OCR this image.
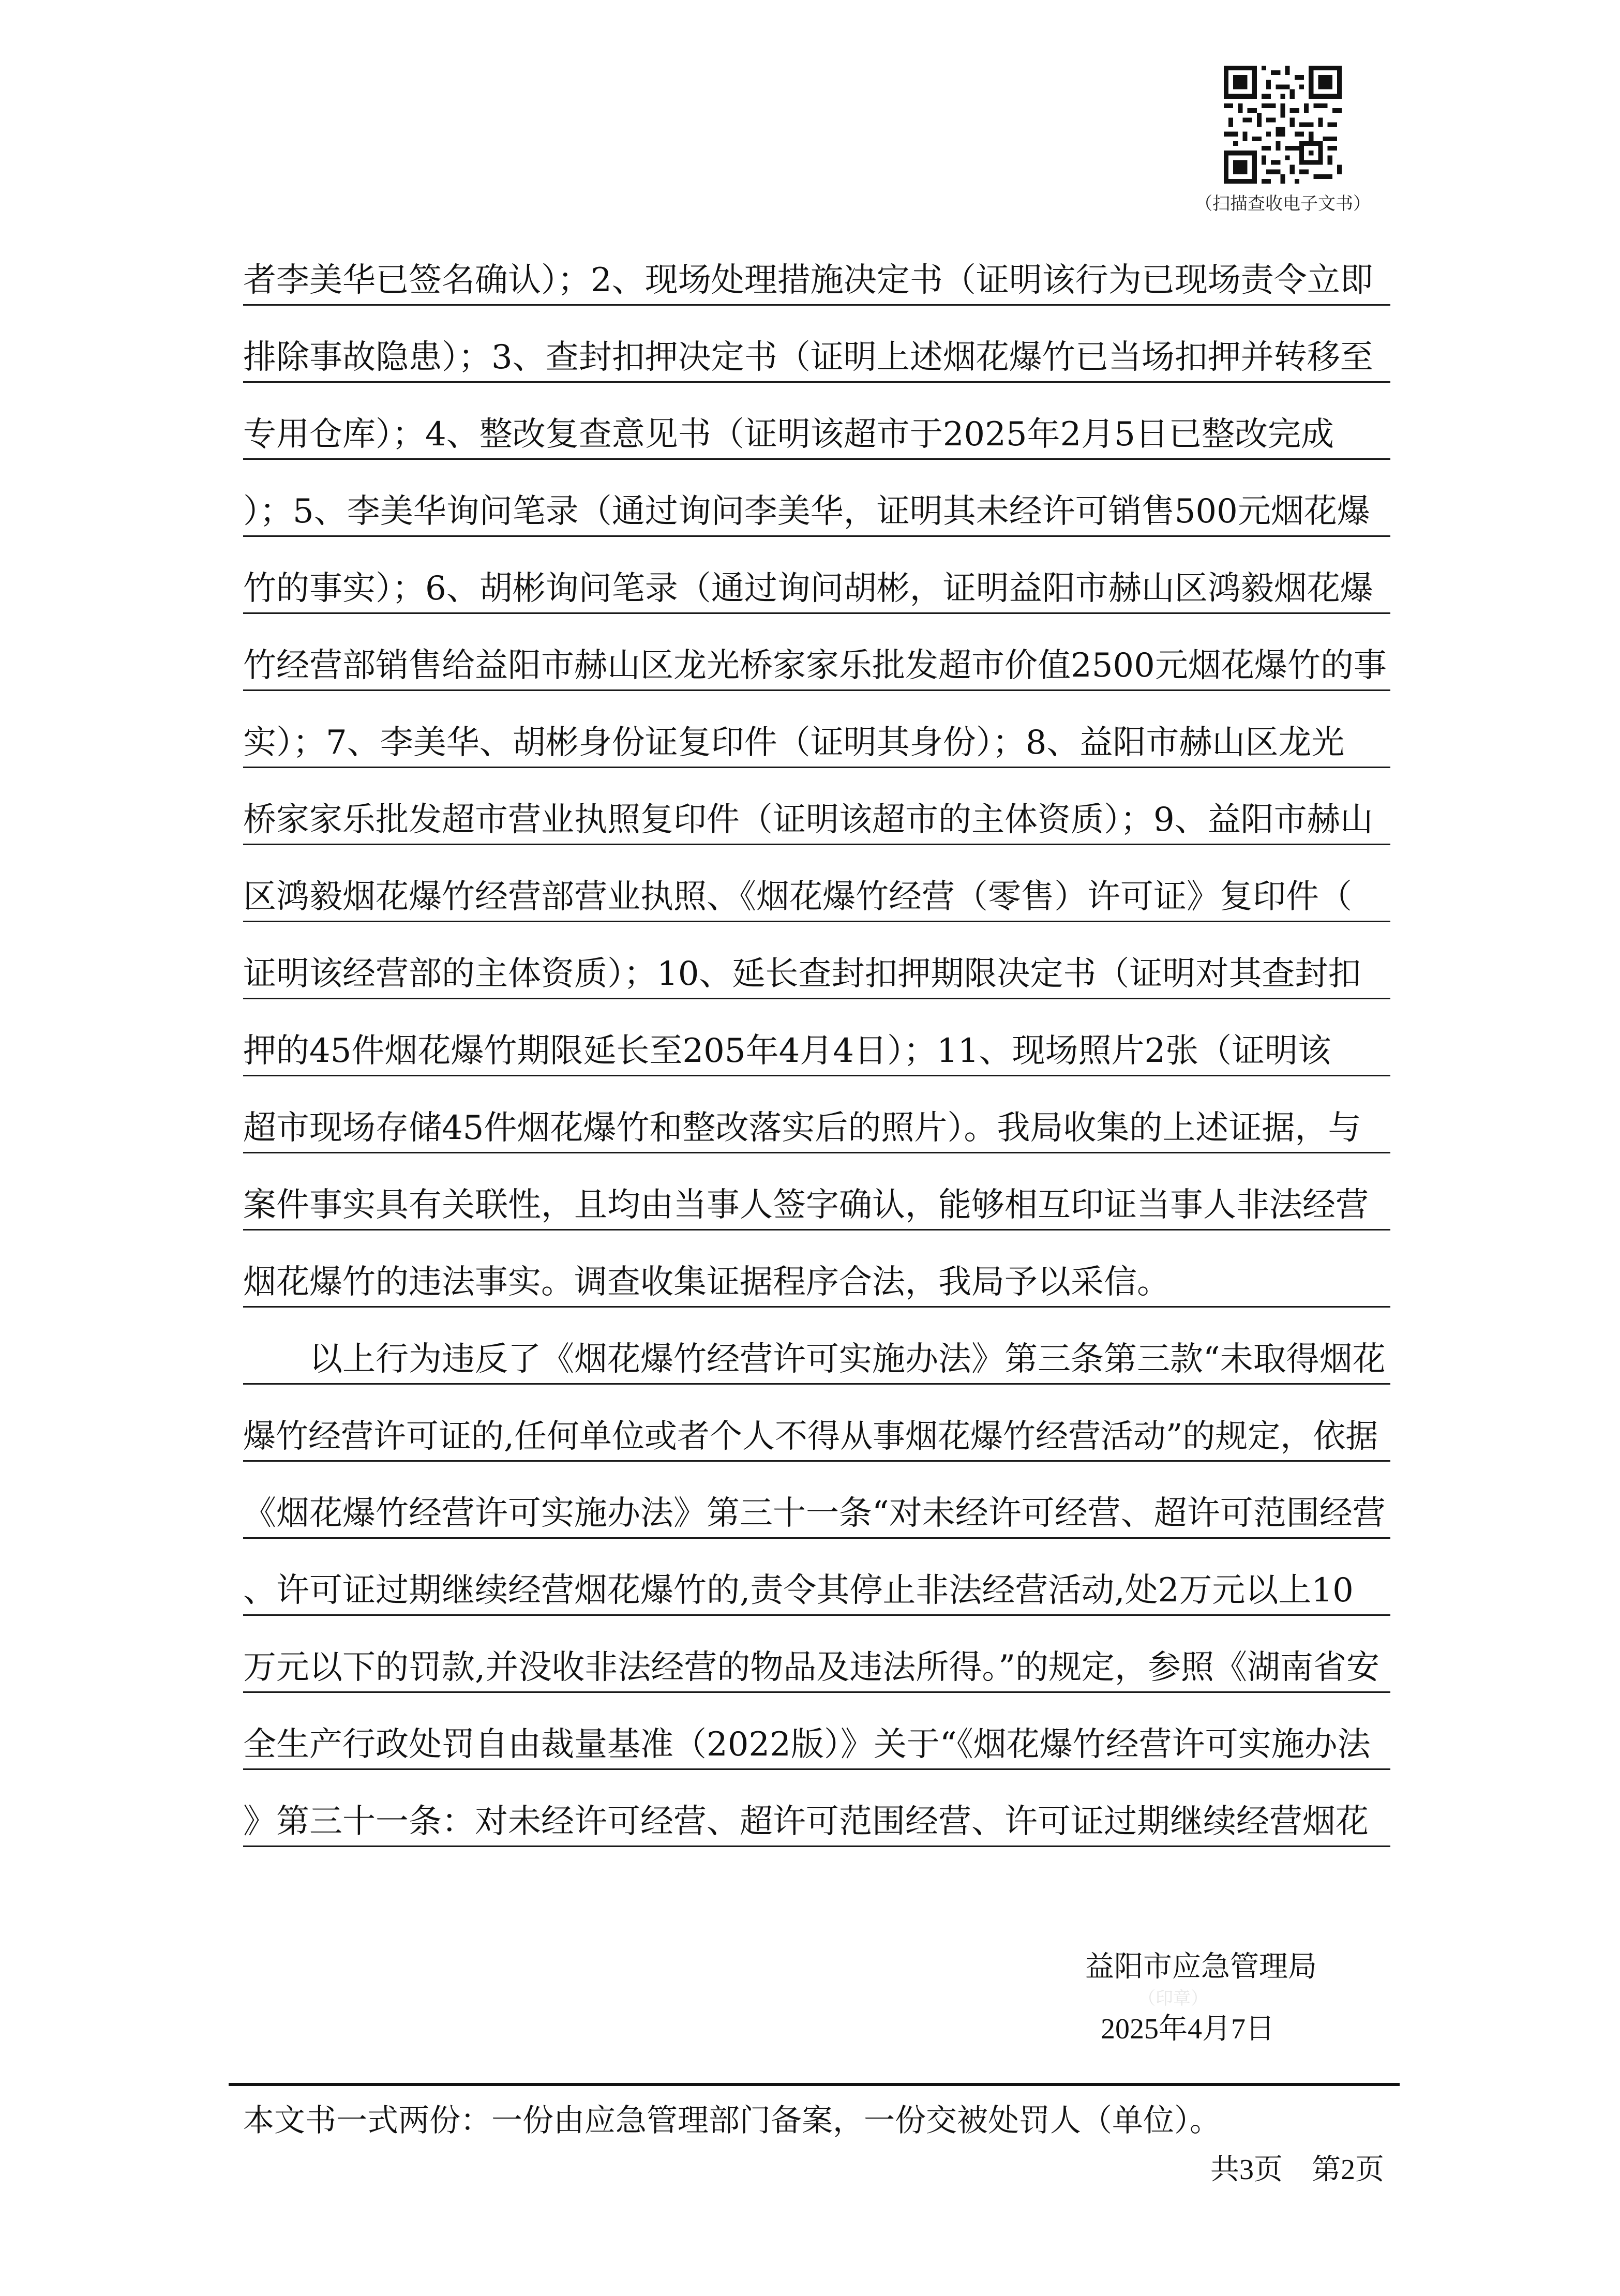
（扫描查收电子文书）
者李美华已签名确认）；2、现场处理措施决定书（证明该行为已现场责令立即
排除事故隐患）；3、查封扣押决定书（证明上述烟花爆竹已当场扣押并转移至
专用仓库）；4、整改复查意见书（证明该超市于2025年2月5日已整改完成
）；5、李美华询问笔录（通过询问李美华，证明其未经许可销售500元烟花爆
竹的事实）；6、胡彬询问笔录（通过询问胡彬，证明益阳市赫山区鸿毅烟花爆
竹经营部销售给益阳市赫山区龙光桥家家乐批发超市价值2500元烟花爆竹的事
实）；7、李美华、胡彬身份证复印件（证明其身份）；8、益阳市赫山区龙光
桥家家乐批发超市营业执照复印件（证明该超市的主体资质）；9、益阳市赫山
区鸿毅烟花爆竹经营部营业执照、《烟花爆竹经营（零售）许可证》复印件（
证明该经营部的主体资质）；10、延长查封扣押期限决定书（证明对其查封扣
押的45件烟花爆竹期限延长至205年4月4日）；11、现场照片2张（证明该
超市现场存储45件烟花爆竹和整改落实后的照片）。我局收集的上述证据，与
案件事实具有关联性，且均由当事人签字确认，能够相互印证当事人非法经营
烟花爆竹的违法事实。调查收集证据程序合法，我局予以采信。
　　以上行为违反了《烟花爆竹经营许可实施办法》第三条第三款“未取得烟花
爆竹经营许可证的,任何单位或者个人不得从事烟花爆竹经营活动”的规定，依据
《烟花爆竹经营许可实施办法》第三十一条“对未经许可经营、超许可范围经营
、许可证过期继续经营烟花爆竹的,责令其停止非法经营活动,处2万元以上10
万元以下的罚款,并没收非法经营的物品及违法所得。”的规定，参照《湖南省安
全生产行政处罚自由裁量基准（2022版）》关于“《烟花爆竹经营许可实施办法
》第三十一条：对未经许可经营、超许可范围经营、许可证过期继续经营烟花
益阳市应急管理局
（印章）
2025年4月7日
本文书一式两份：一份由应急管理部门备案，一份交被处罚人（单位）。
共3页　第2页
